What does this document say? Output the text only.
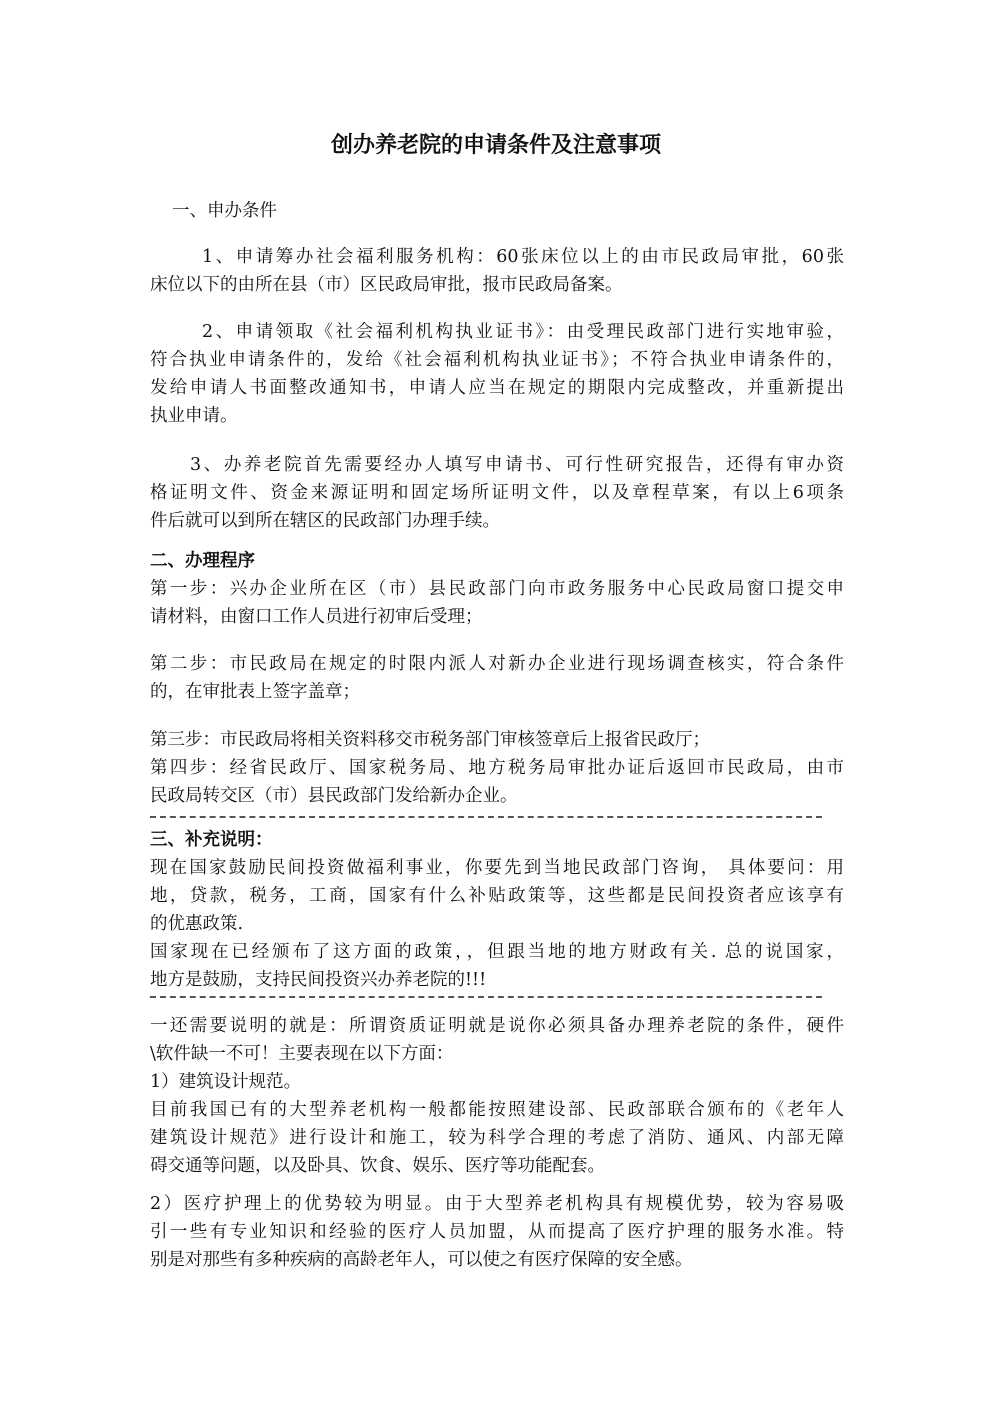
创办养老院的申请条件及注意事项
一、申办条件
1、申请筹办社会福利服务机构：60张床位以上的由市民政局审批，60张
床位以下的由所在县（市）区民政局审批，报市民政局备案。
2、申请领取《社会福利机构执业证书》：由受理民政部门进行实地审验，
符合执业申请条件的，发给《社会福利机构执业证书》；不符合执业申请条件的，
发给申请人书面整改通知书，申请人应当在规定的期限内完成整改，并重新提出
执业申请。
3、办养老院首先需要经办人填写申请书、可行性研究报告，还得有审办资
格证明文件、资金来源证明和固定场所证明文件，以及章程草案，有以上6项条
件后就可以到所在辖区的民政部门办理手续。
二、办理程序
第一步：兴办企业所在区（市）县民政部门向市政务服务中心民政局窗口提交申
请材料，由窗口工作人员进行初审后受理；
第二步：市民政局在规定的时限内派人对新办企业进行现场调查核实，符合条件
的，在审批表上签字盖章；
第三步：市民政局将相关资料移交市税务部门审核签章后上报省民政厅；
第四步：经省民政厅、国家税务局、地方税务局审批办证后返回市民政局，由市
民政局转交区（市）县民政部门发给新办企业。
三、补充说明：
现在国家鼓励民间投资做福利事业，你要先到当地民政部门咨询， 具体要问：用
地，贷款，税务，工商，国家有什么补贴政策等，这些都是民间投资者应该享有
的优惠政策.
国家现在已经颁布了这方面的政策，，但跟当地的地方财政有关. 总的说国家，
地方是鼓励，支持民间投资兴办养老院的!!!
一还需要说明的就是：所谓资质证明就是说你必须具备办理养老院的条件，硬件
\软件缺一不可！主要表现在以下方面：
1）建筑设计规范。
目前我国已有的大型养老机构一般都能按照建设部、民政部联合颁布的《老年人
建筑设计规范》进行设计和施工，较为科学合理的考虑了消防、通风、内部无障
碍交通等问题，以及卧具、饮食、娱乐、医疗等功能配套。
2）医疗护理上的优势较为明显。由于大型养老机构具有规模优势，较为容易吸
引一些有专业知识和经验的医疗人员加盟，从而提高了医疗护理的服务水准。特
别是对那些有多种疾病的高龄老年人，可以使之有医疗保障的安全感。
